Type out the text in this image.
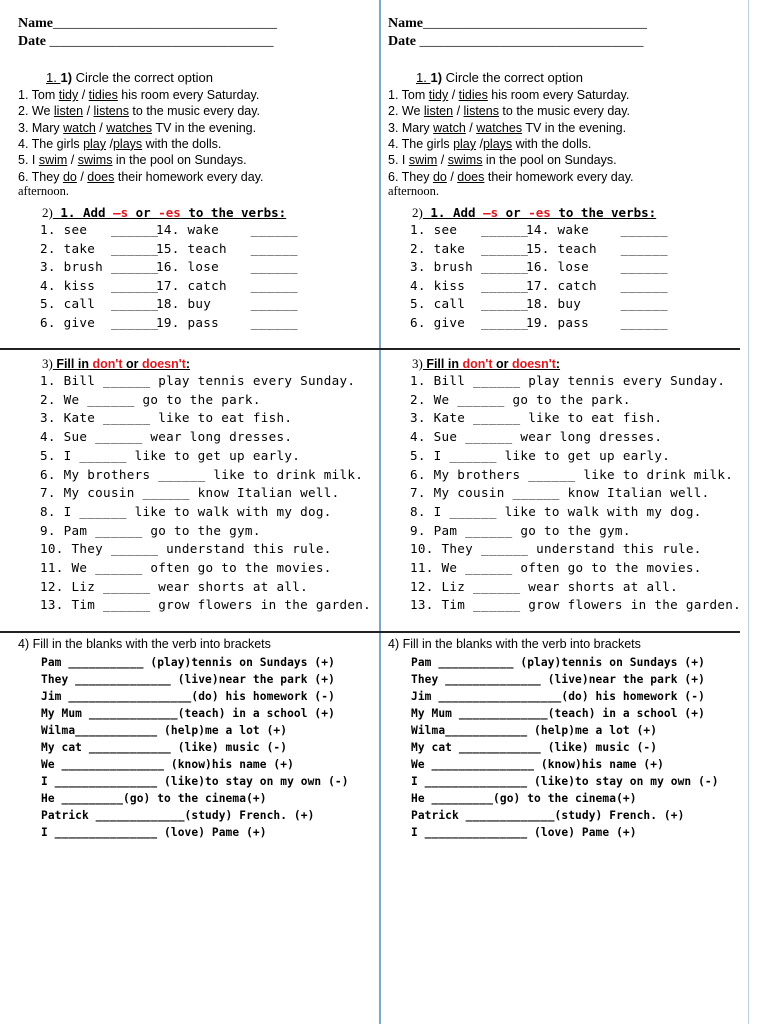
Name________________________________
Date ________________________________
1. 1) Circle the correct option
1. Tom tidy / tidies his room every Saturday.
2. We listen / listens to the music every day.
3. Mary watch / watches TV in the evening.
4. The girls play /plays with the dolls.
5. I swim / swims in the pool on Sundays.
6. They do / does their homework every day.
afternoon.
2) 1. Add –s or -es to the verbs:
1. see   ______
14. wake    ______
2. take  ______
15. teach   ______
3. brush ______
16. lose    ______
4. kiss  ______
17. catch   ______
5. call  ______
18. buy     ______
6. give  ______
19. pass    ______
3) Fill in don't or doesn't:
1. Bill ______ play tennis every Sunday.
2. We ______ go to the park.
3. Kate ______ like to eat fish.
4. Sue ______ wear long dresses.
5. I ______ like to get up early.
6. My brothers ______ like to drink milk.
7. My cousin ______ know Italian well.
8. I ______ like to walk with my dog.
9. Pam ______ go to the gym.
10. They ______ understand this rule.
11. We ______ often go to the movies.
12. Liz ______ wear shorts at all.
13. Tim ______ grow flowers in the garden.
4) Fill in the blanks with the verb into brackets
Pam ___________ (play)tennis on Sundays (+)
They ______________ (live)near the park (+)
Jim __________________(do) his homework (-)
My Mum _____________(teach) in a school (+)
Wilma____________ (help)me a lot (+)
My cat ____________ (like) music (-)
We _______________ (know)his name (+)
I _______________ (like)to stay on my own (-)
He _________(go) to the cinema(+)
Patrick _____________(study) French. (+)
I _______________ (love) Pame (+)
Name________________________________
Date ________________________________
1. 1) Circle the correct option
1. Tom tidy / tidies his room every Saturday.
2. We listen / listens to the music every day.
3. Mary watch / watches TV in the evening.
4. The girls play /plays with the dolls.
5. I swim / swims in the pool on Sundays.
6. They do / does their homework every day.
afternoon.
2) 1. Add –s or -es to the verbs:
1. see   ______
14. wake    ______
2. take  ______
15. teach   ______
3. brush ______
16. lose    ______
4. kiss  ______
17. catch   ______
5. call  ______
18. buy     ______
6. give  ______
19. pass    ______
3) Fill in don't or doesn't:
1. Bill ______ play tennis every Sunday.
2. We ______ go to the park.
3. Kate ______ like to eat fish.
4. Sue ______ wear long dresses.
5. I ______ like to get up early.
6. My brothers ______ like to drink milk.
7. My cousin ______ know Italian well.
8. I ______ like to walk with my dog.
9. Pam ______ go to the gym.
10. They ______ understand this rule.
11. We ______ often go to the movies.
12. Liz ______ wear shorts at all.
13. Tim ______ grow flowers in the garden.
4) Fill in the blanks with the verb into brackets
Pam ___________ (play)tennis on Sundays (+)
They ______________ (live)near the park (+)
Jim __________________(do) his homework (-)
My Mum _____________(teach) in a school (+)
Wilma____________ (help)me a lot (+)
My cat ____________ (like) music (-)
We _______________ (know)his name (+)
I _______________ (like)to stay on my own (-)
He _________(go) to the cinema(+)
Patrick _____________(study) French. (+)
I _______________ (love) Pame (+)
